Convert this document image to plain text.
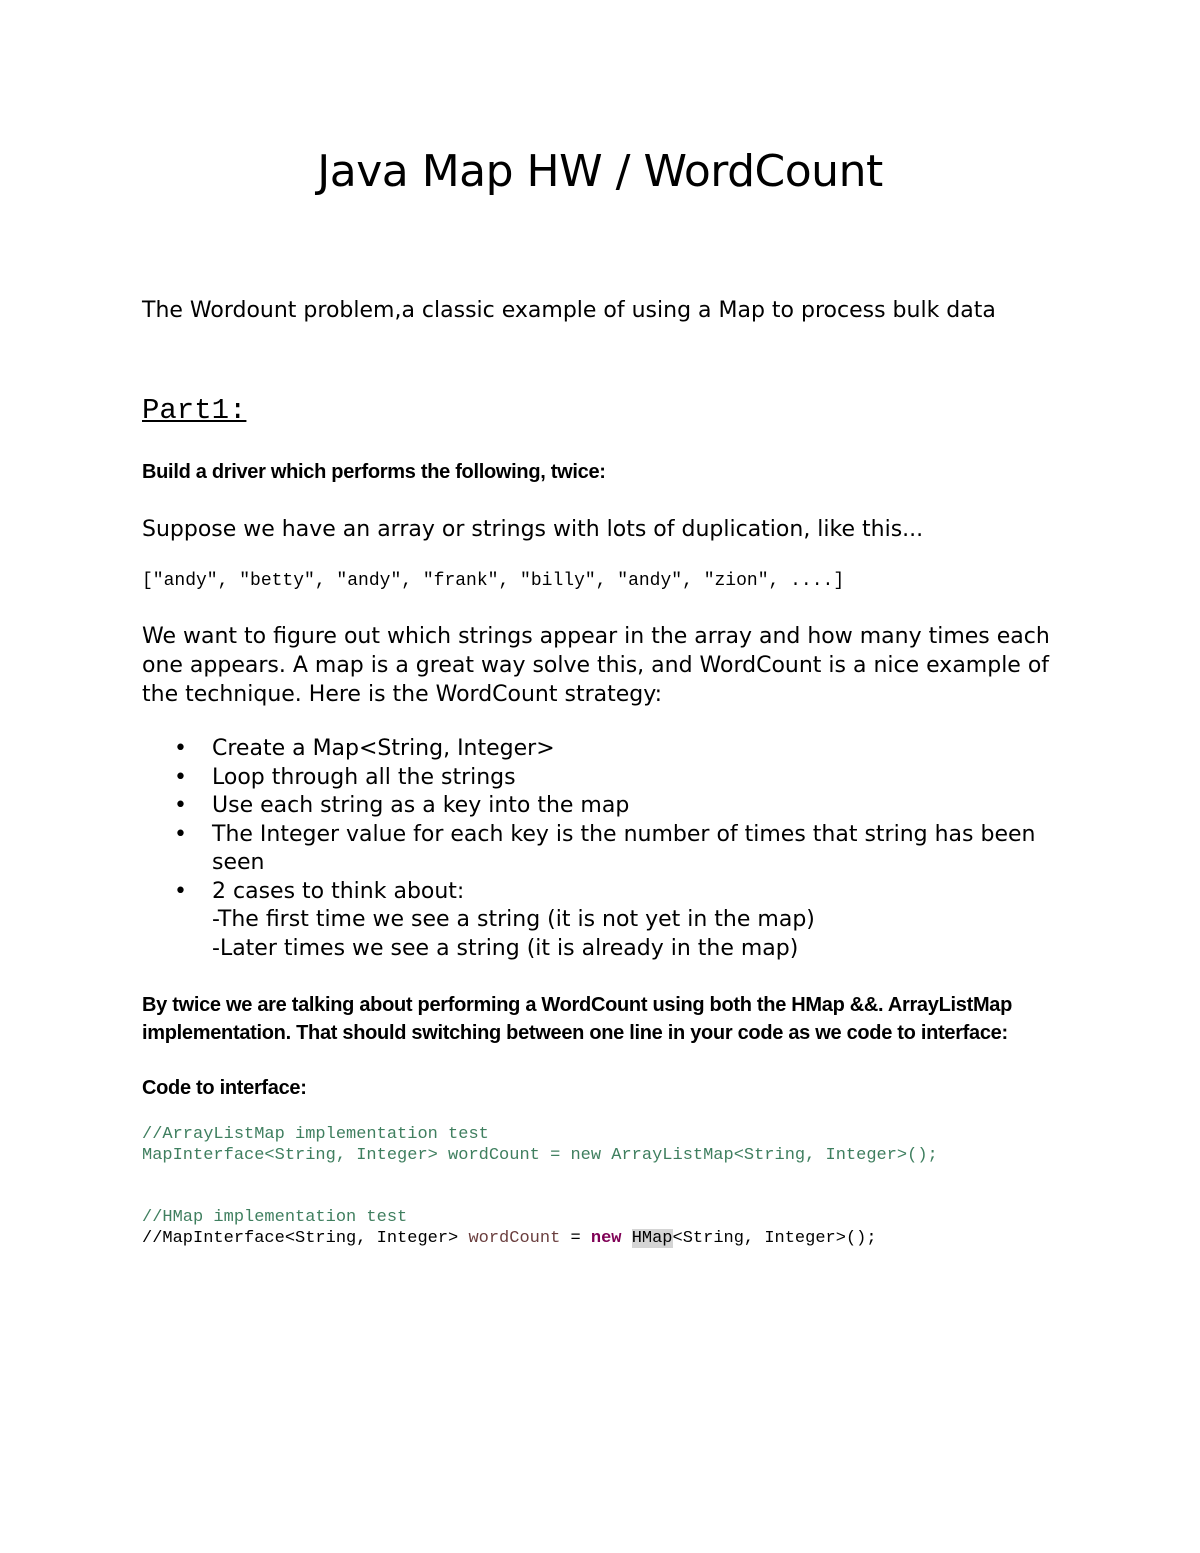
Java Map HW / WordCount

The Wordount problem,a classic example of using a Map to process bulk data

Part1:

Build a driver which performs the following, twice:

Suppose we have an array or strings with lots of duplication, like this...

["andy", "betty", "andy", "frank", "billy", "andy", "zion", ....]

We want to figure out which strings appear in the array and how many times each one appears. A map is a great way solve this, and WordCount is a nice example of the technique. Here is the WordCount strategy:

• Create a Map<String, Integer>
• Loop through all the strings
• Use each string as a key into the map
• The Integer value for each key is the number of times that string has been seen
• 2 cases to think about:
-The first time we see a string (it is not yet in the map)
-Later times we see a string (it is already in the map)

By twice we are talking about performing a WordCount using both the HMap &&. ArrayListMap implementation. That should switching between one line in your code as we code to interface:

Code to interface:

//ArrayListMap implementation test
MapInterface<String, Integer> wordCount = new ArrayListMap<String, Integer>();
//HMap implementation test
//MapInterface<String, Integer> wordCount = new HMap<String, Integer>();
